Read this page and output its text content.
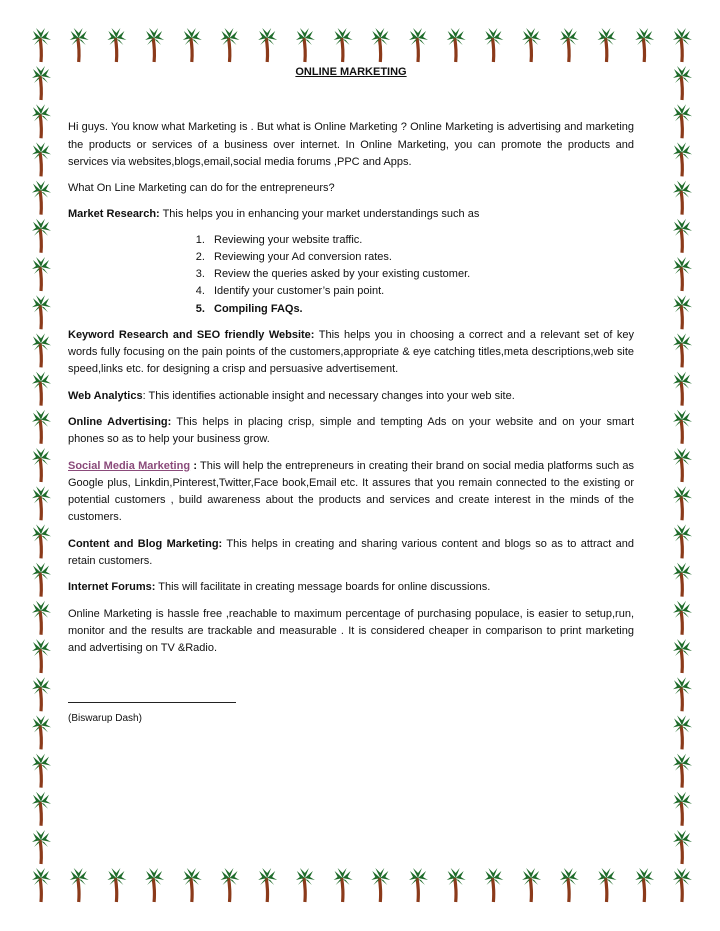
ONLINE MARKETING

Hi guys. You know what Marketing is . But what is Online Marketing ? Online Marketing is advertising and marketing the products or services of a business over internet. In Online Marketing, you can promote the products and services via websites,blogs,email,social media forums ,PPC and Apps.

What On Line Marketing can do for the entrepreneurs?

Market Research: This helps you in enhancing your market understandings such as

1. Reviewing your website traffic.
2. Reviewing your Ad conversion rates.
3. Review the queries asked by your existing customer.
4. Identify your customer’s pain point.
5. Compiling FAQs.

Keyword Research and SEO friendly Website: This helps you in choosing a correct and a relevant set of key words fully focusing on the pain points of the customers,appropriate & eye catching titles,meta descriptions,web site speed,links etc. for designing a crisp and persuasive advertisement.

Web Analytics: This identifies actionable insight and necessary changes into your web site.

Online Advertising: This helps in placing crisp, simple and tempting Ads on your website and on your smart phones so as to help your business grow.

Social Media Marketing : This will help the entrepreneurs in creating their brand on social media platforms such as Google plus, Linkdin,Pinterest,Twitter,Face book,Email etc. It assures that you remain connected to the existing or potential customers , build awareness about the products and services and create interest in the minds of the customers.

Content and Blog Marketing: This helps in creating and sharing various content and blogs so as to attract and retain customers.

Internet Forums: This will facilitate in creating message boards for online discussions.

Online Marketing is hassle free ,reachable to maximum percentage of purchasing populace, is easier to setup,run, monitor and the results are trackable and measurable . It is considered cheaper in comparison to print marketing and advertising on TV &Radio.

(Biswarup Dash)
